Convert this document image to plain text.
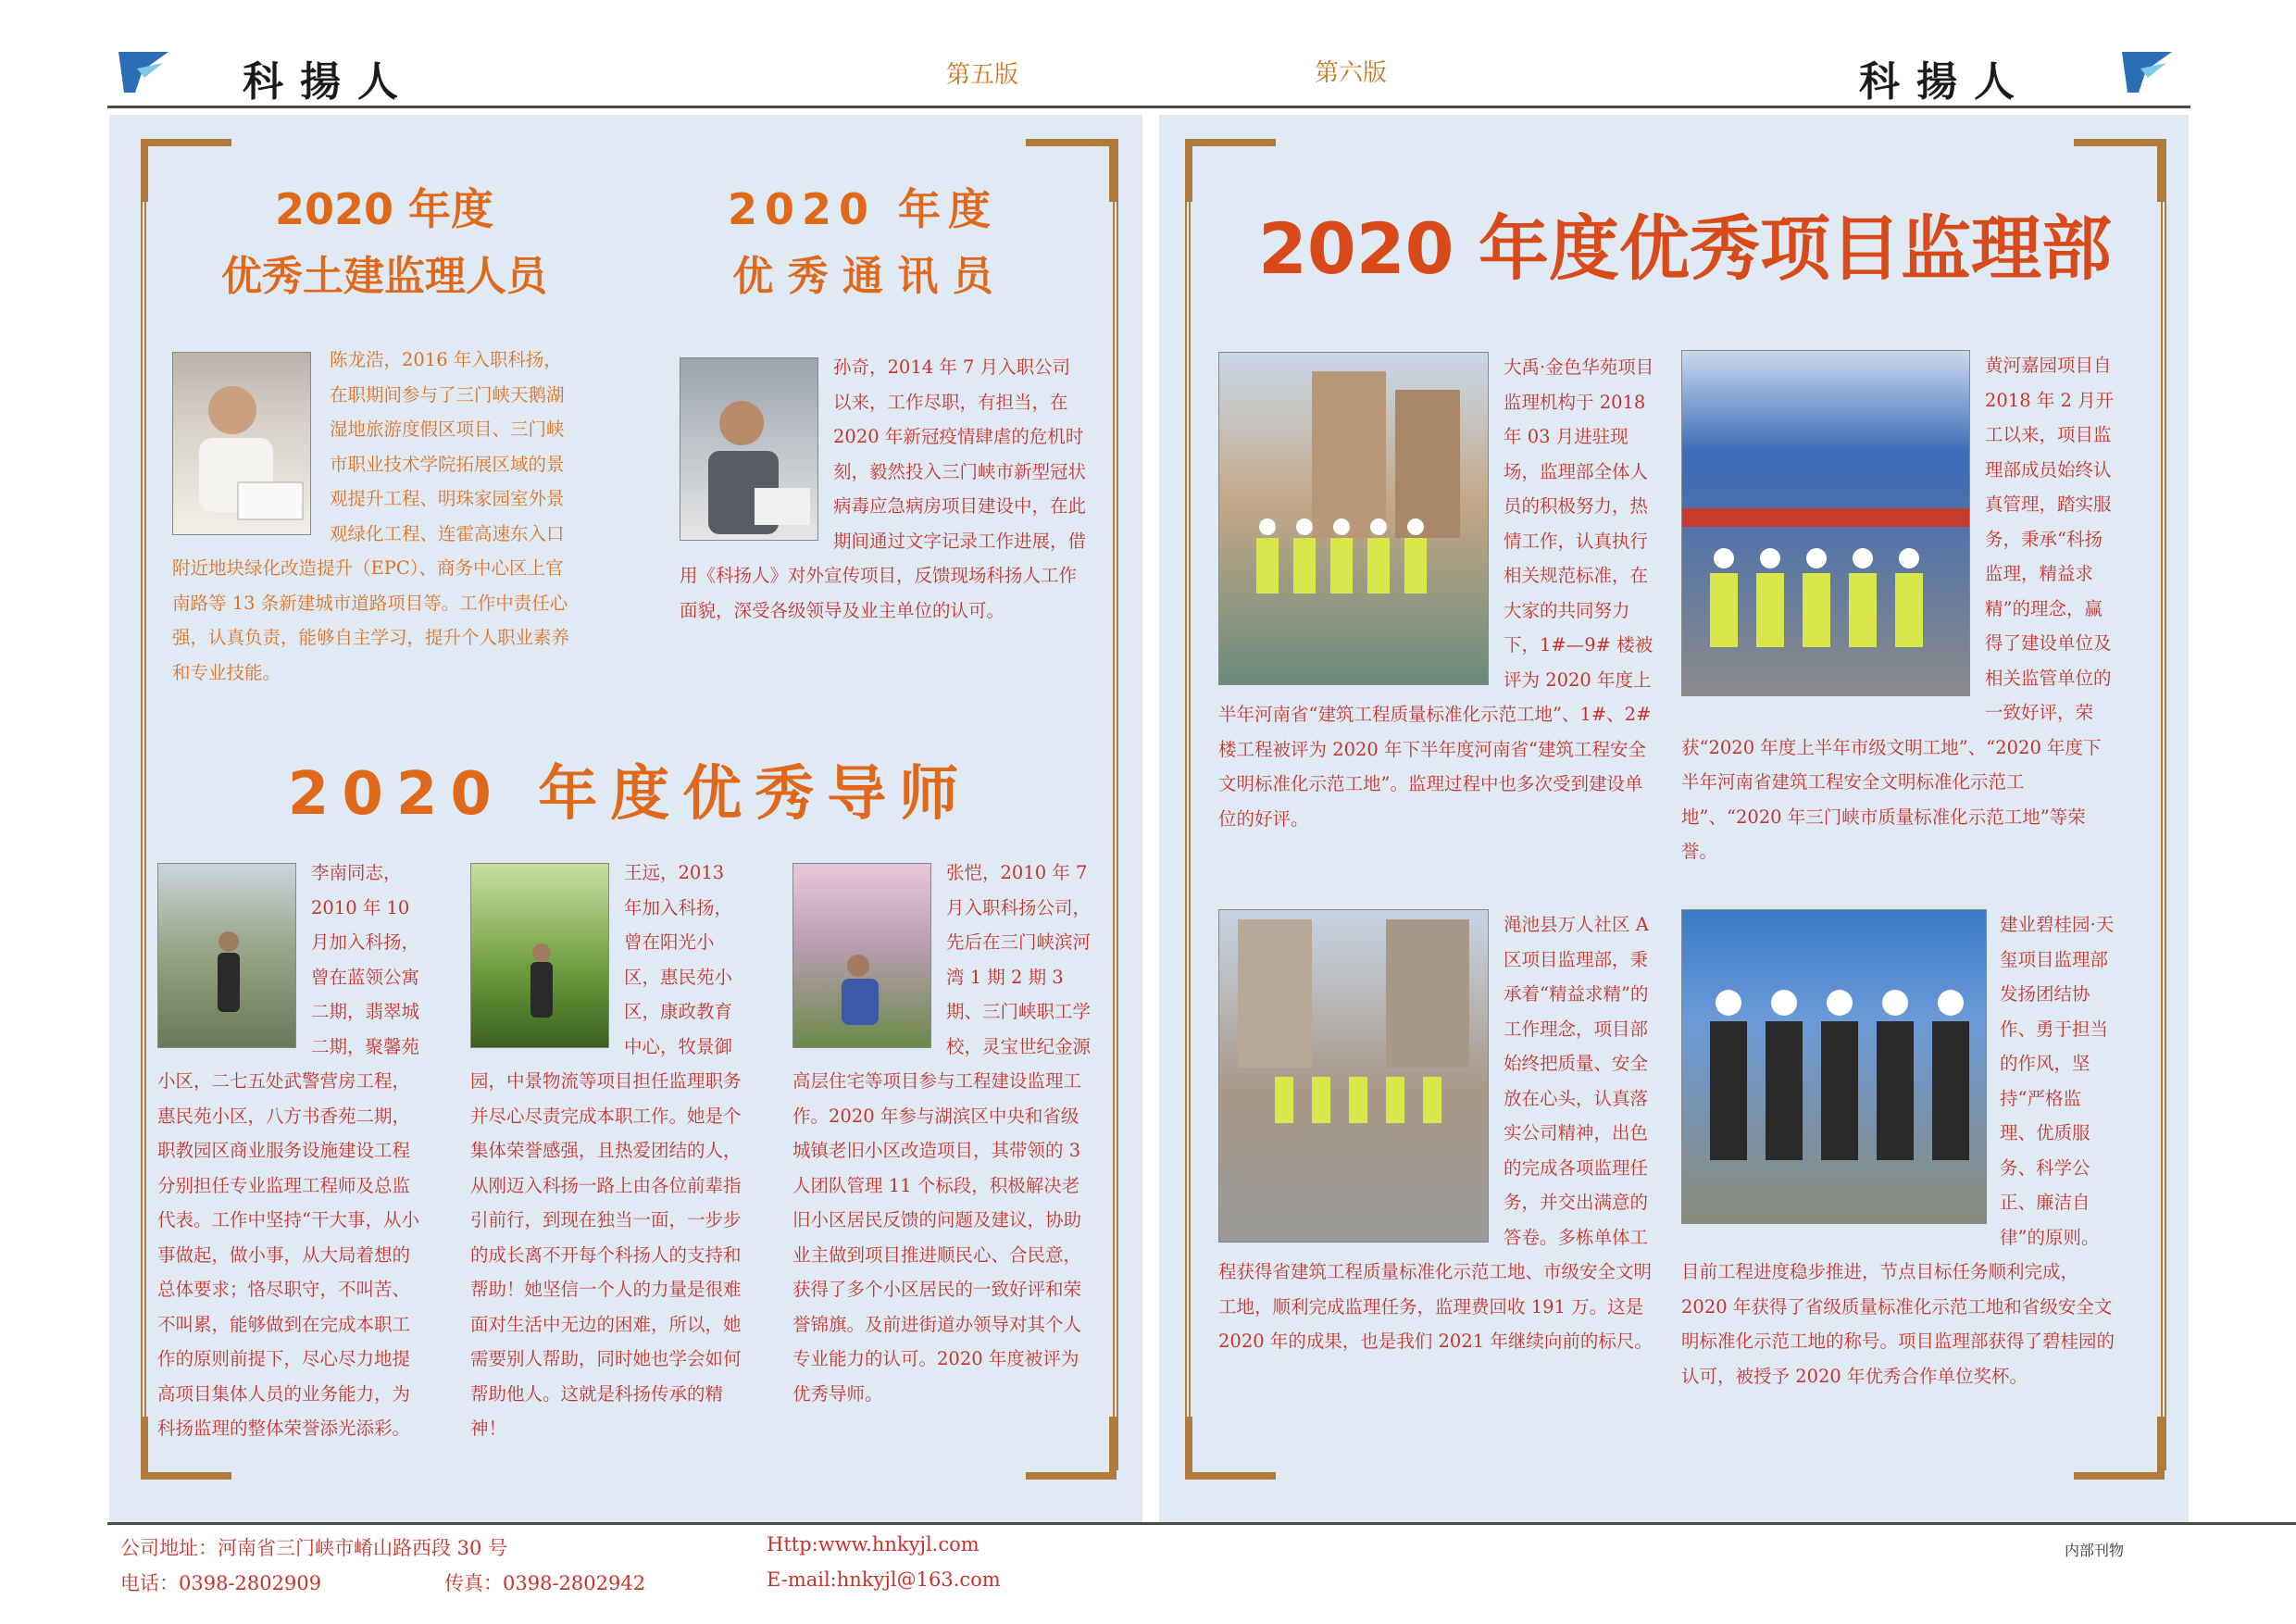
科揚人	第五版	第六版	科揚人
2020 年度
优秀土建监理人员
陈龙浩，2016 年入职科扬，在职期间参与了三门峡天鹅湖湿地旅游度假区项目、三门峡市职业技术学院拓展区域的景观提升工程、明珠家园室外景观绿化工程、连霍高速东入口附近地块绿化改造提升（EPC）、商务中心区上官南路等 13 条新建城市道路项目等。工作中责任心强，认真负责，能够自主学习，提升个人职业素养和专业技能。
2020 年度
优 秀 通 讯 员
孙奇，2014 年 7 月入职公司以来，工作尽职，有担当，在 2020 年新冠疫情肆虐的危机时刻，毅然投入三门峡市新型冠状病毒应急病房项目建设中，在此期间通过文字记录工作进展，借用《科扬人》对外宣传项目，反馈现场科扬人工作面貌，深受各级领导及业主单位的认可。
2020 年度优秀导师
李南同志，2010 年 10 月加入科扬，曾在蓝领公寓二期，翡翠城二期，聚馨苑小区，二七五处武警营房工程，惠民苑小区，八方书香苑二期，职教园区商业服务设施建设工程分别担任专业监理工程师及总监代表。工作中坚持“干大事，从小事做起，做小事，从大局着想的总体要求；恪尽职守，不叫苦、不叫累，能够做到在完成本职工作的原则前提下，尽心尽力地提高项目集体人员的业务能力，为科扬监理的整体荣誉添光添彩。
王远，2013 年加入科扬，曾在阳光小区，惠民苑小区，康政教育中心，牧景御园，中景物流等项目担任监理职务并尽心尽责完成本职工作。她是个集体荣誉感强，且热爱团结的人，从刚迈入科扬一路上由各位前辈指引前行，到现在独当一面，一步步的成长离不开每个科扬人的支持和帮助！她坚信一个人的力量是很难面对生活中无边的困难，所以，她需要别人帮助，同时她也学会如何帮助他人。这就是科扬传承的精神！
张恺，2010 年 7 月入职科扬公司，先后在三门峡滨河湾 1 期 2 期 3 期、三门峡职工学校，灵宝世纪金源高层住宅等项目参与工程建设监理工作。2020 年参与湖滨区中央和省级城镇老旧小区改造项目，其带领的 3 人团队管理 11 个标段，积极解决老旧小区居民反馈的问题及建议，协助业主做到项目推进顺民心、合民意，获得了多个小区居民的一致好评和荣誉锦旗。及前进街道办领导对其个人专业能力的认可。2020 年度被评为优秀导师。
2020 年度优秀项目监理部
大禹·金色华苑项目监理机构于 2018 年 03 月进驻现场，监理部全体人员的积极努力，热情工作，认真执行相关规范标准，在大家的共同努力下，1#—9# 楼被评为 2020 年度上半年河南省“建筑工程质量标准化示范工地”、1#、2# 楼工程被评为 2020 年下半年度河南省“建筑工程安全文明标准化示范工地”。监理过程中也多次受到建设单位的好评。
黄河嘉园项目自 2018 年 2 月开工以来，项目监理部成员始终认真管理，踏实服务，秉承“科扬监理，精益求精”的理念，赢得了建设单位及相关监管单位的一致好评，荣获“2020 年度上半年市级文明工地”、“2020 年度下半年河南省建筑工程安全文明标准化示范工地”、“2020 年三门峡市质量标准化示范工地”等荣誉。
渑池县万人社区 A 区项目监理部，秉承着“精益求精”的工作理念，项目部始终把质量、安全放在心头，认真落实公司精神，出色的完成各项监理任务，并交出满意的答卷。多栋单体工程获得省建筑工程质量标准化示范工地、市级安全文明工地，顺利完成监理任务，监理费回收 191 万。这是 2020 年的成果，也是我们 2021 年继续向前的标尺。
建业碧桂园·天玺项目监理部发扬团结协作、勇于担当的作风，坚持“严格监理、优质服务、科学公正、廉洁自律”的原则。目前工程进度稳步推进，节点目标任务顺利完成，2020 年获得了省级质量标准化示范工地和省级安全文明标准化示范工地的称号。项目监理部获得了碧桂园的认可，被授予 2020 年优秀合作单位奖杯。
公司地址：河南省三门峡市崤山路西段 30 号
电话：0398-2802909	传真：0398-2802942
Http:www.hnkyjl.com
E-mail:hnkyjl@163.com
内部刊物
